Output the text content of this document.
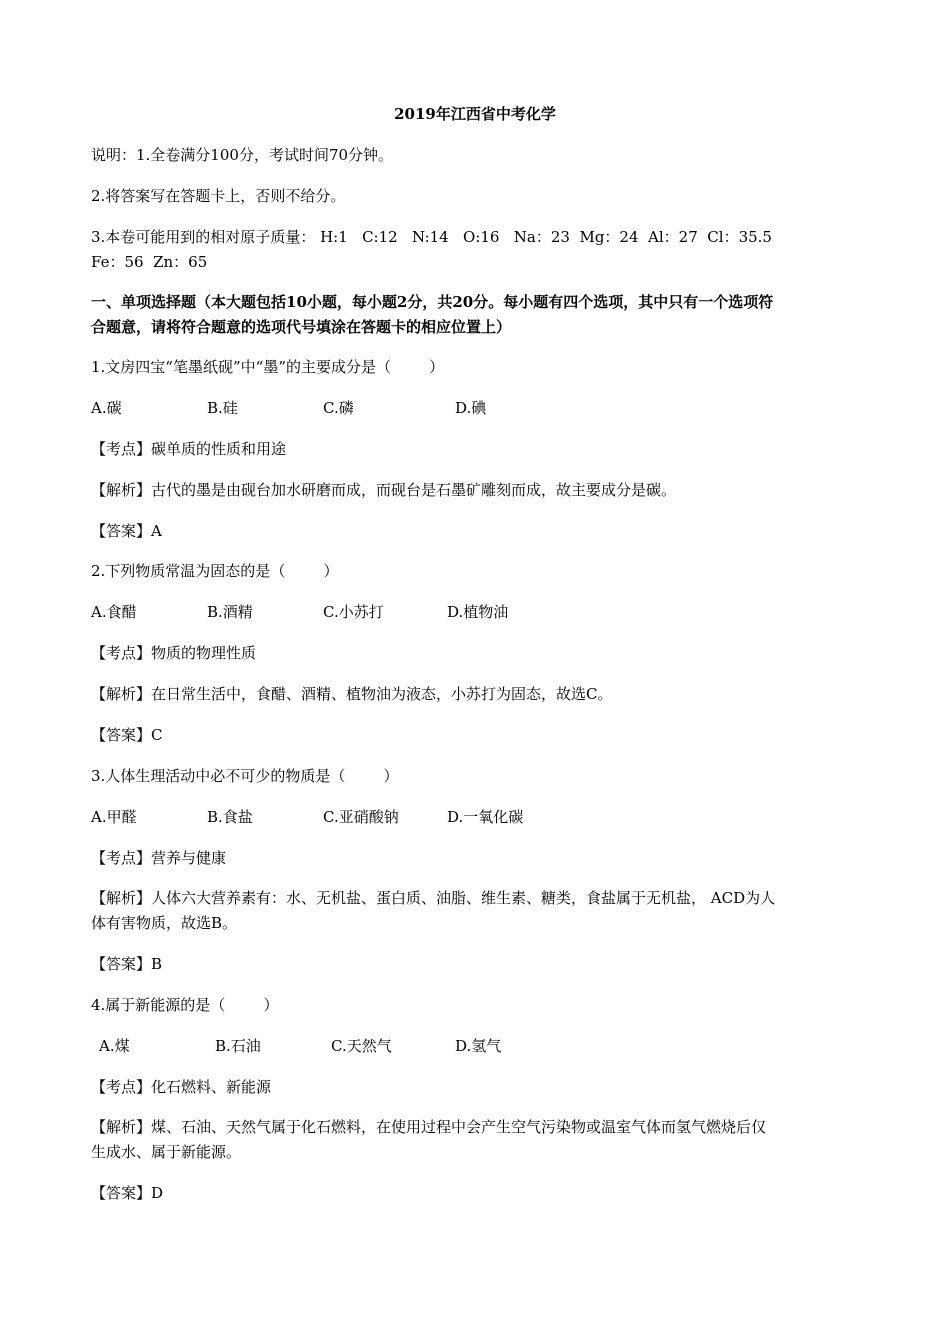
2019年江西省中考化学
说明：1.全卷满分100分，考试时间70分钟。
2.将答案写在答题卡上，否则不给分。
3.本卷可能用到的相对原子质量： H:1   C:12   N:14   O:16   Na：23  Mg：24  Al：27  Cl：35.5
Fe：56  Zn：65
一、单项选择题（本大题包括10小题，每小题2分，共20分。每小题有四个选项，其中只有一个选项符
合题意，请将符合题意的选项代号填涂在答题卡的相应位置上）
1.文房四宝“笔墨纸砚”中“墨”的主要成分是（        ）
A.碳	B.硅	C.磷	D.碘
【考点】碳单质的性质和用途
【解析】古代的墨是由砚台加水研磨而成，而砚台是石墨矿雕刻而成，故主要成分是碳。
【答案】A
2.下列物质常温为固态的是（        ）
A.食醋	B.酒精	C.小苏打	D.植物油
【考点】物质的物理性质
【解析】在日常生活中，食醋、酒精、植物油为液态，小苏打为固态，故选C。
【答案】C
3.人体生理活动中必不可少的物质是（        ）
A.甲醛	B.食盐	C.亚硝酸钠	D.一氧化碳
【考点】营养与健康
【解析】人体六大营养素有：水、无机盐、蛋白质、油脂、维生素、糖类，食盐属于无机盐， ACD为人
体有害物质，故选B。
【答案】B
4.属于新能源的是（        ）
A.煤	B.石油	C.天然气	D.氢气
【考点】化石燃料、新能源
【解析】煤、石油、天然气属于化石燃料，在使用过程中会产生空气污染物或温室气体而氢气燃烧后仅
生成水、属于新能源。
【答案】D
